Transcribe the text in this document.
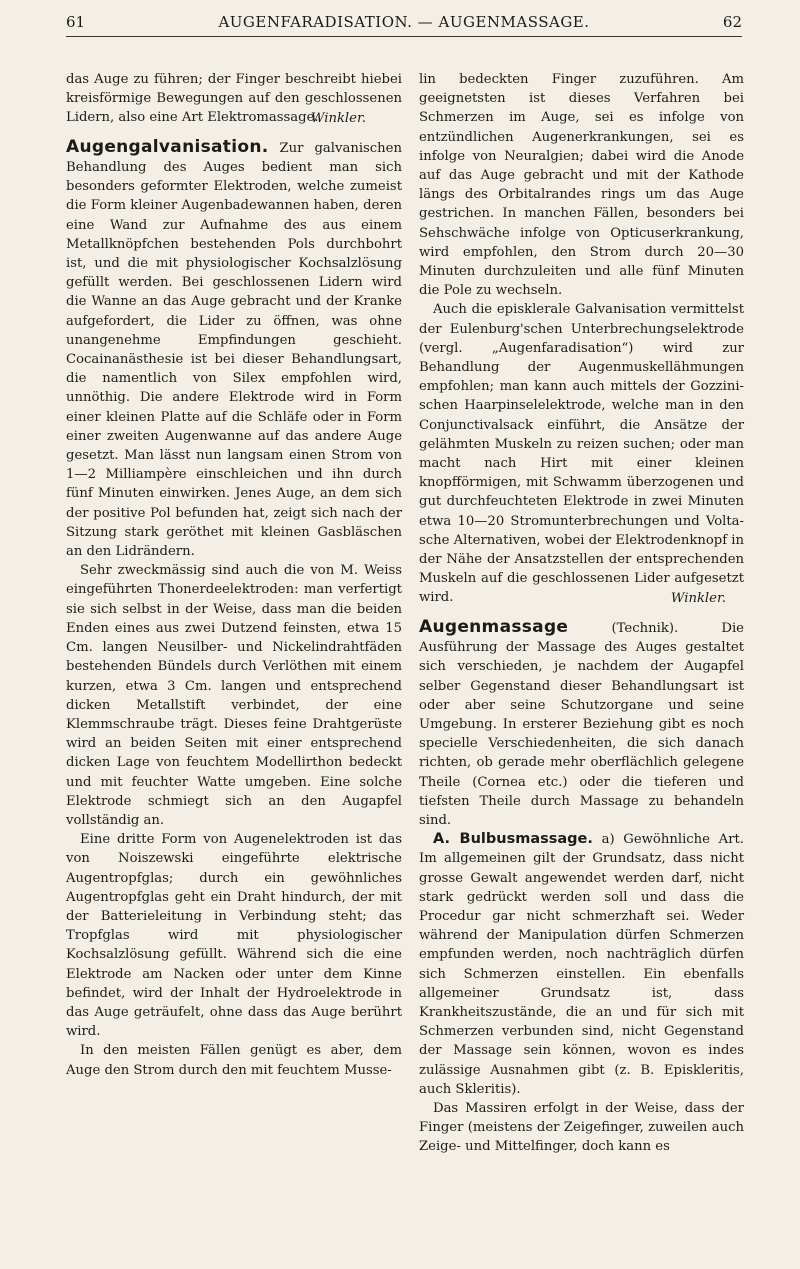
61	AUGENFARADISATION. — AUGENMASSAGE.	62

das Auge zu führen; der Finger beschreibt hiebei kreisförmige Bewegungen auf den geschlossenen Lidern, also eine Art Elektromassage.

Winkler.

Augengalvanisation. Zur galvanischen Behandlung des Auges bedient man sich besonders geformter Elektroden, welche zumeist die Form kleiner Augenbadewannen haben, deren eine Wand zur Aufnahme des aus einem Metallknöpfchen bestehenden Pols durchbohrt ist, und die mit physiologischer Kochsalzlösung gefüllt werden. Bei geschlossenen Lidern wird die Wanne an das Auge gebracht und der Kranke aufgefordert, die Lider zu öffnen, was ohne unangenehme Empfindungen geschieht. Cocainanästhesie ist bei dieser Behandlungsart, die namentlich von Silex empfohlen wird, unnöthig. Die andere Elektrode wird in Form einer kleinen Platte auf die Schläfe oder in Form einer zweiten Augenwanne auf das andere Auge gesetzt. Man lässt nun langsam einen Strom von 1—2 Milliampère einschleichen und ihn durch fünf Minuten einwirken. Jenes Auge, an dem sich der positive Pol befunden hat, zeigt sich nach der Sitzung stark geröthet mit kleinen Gasbläschen an den Lidrändern.

Sehr zweckmässig sind auch die von M. Weiss eingeführten Thonerdeelektroden: man verfertigt sie sich selbst in der Weise, dass man die beiden Enden eines aus zwei Dutzend feinsten, etwa 15 Cm. langen Neusilber- und Nickelindrahtfäden bestehenden Bündels durch Verlöthen mit einem kurzen, etwa 3 Cm. langen und entsprechend dicken Metallstift verbindet, der eine Klemmschraube trägt. Dieses feine Drahtgerüste wird an beiden Seiten mit einer entsprechend dicken Lage von feuchtem Modellirthon bedeckt und mit feuchter Watte umgeben. Eine solche Elektrode schmiegt sich an den Augapfel vollständig an.

Eine dritte Form von Augenelektroden ist das von Noiszewski eingeführte elektrische Augentropfglas; durch ein gewöhnliches Augentropfglas geht ein Draht hindurch, der mit der Batterieleitung in Verbindung steht; das Tropfglas wird mit physiologischer Kochsalzlösung gefüllt. Während sich die eine Elektrode am Nacken oder unter dem Kinne befindet, wird der Inhalt der Hydroelektrode in das Auge geträufelt, ohne dass das Auge berührt wird.

In den meisten Fällen genügt es aber, dem Auge den Strom durch den mit feuchtem Musse-

lin bedeckten Finger zuzuführen. Am geeignetsten ist dieses Verfahren bei Schmerzen im Auge, sei es infolge von entzündlichen Augenerkrankungen, sei es infolge von Neuralgien; dabei wird die Anode auf das Auge gebracht und mit der Kathode längs des Orbitalrandes rings um das Auge gestrichen. In manchen Fällen, besonders bei Sehschwäche infolge von Opticuserkrankung, wird empfohlen, den Strom durch 20—30 Minuten durchzuleiten und alle fünf Minuten die Pole zu wechseln.

Auch die episklerale Galvanisation vermittelst der Eulenburg'schen Unterbrechungselektrode (vergl. „Augenfaradisation“) wird zur Behandlung der Augenmuskellähmungen empfohlen; man kann auch mittels der Gozzini-schen Haarpinselelektrode, welche man in den Conjunctivalsack einführt, die Ansätze der gelähmten Muskeln zu reizen suchen; oder man macht nach Hirt mit einer kleinen knopfförmigen, mit Schwamm überzogenen und gut durchfeuchteten Elektrode in zwei Minuten etwa 10—20 Stromunterbrechungen und Volta-sche Alternativen, wobei der Elektrodenknopf in der Nähe der Ansatzstellen der entsprechenden Muskeln auf die geschlossenen Lider aufgesetzt wird.	Winkler.

Augenmassage	(Technik). Die Ausführung der Massage des Auges gestaltet sich verschieden, je nachdem der Augapfel selber Gegenstand dieser Behandlungsart ist oder aber seine Schutzorgane und seine Umgebung. In ersterer Beziehung gibt es noch specielle Verschiedenheiten, die sich danach richten, ob gerade mehr oberflächlich gelegene Theile (Cornea etc.) oder die tieferen und tiefsten Theile durch Massage zu behandeln sind.

A. Bulbusmassage. a) Gewöhnliche Art. Im allgemeinen gilt der Grundsatz, dass nicht grosse Gewalt angewendet werden darf, nicht stark gedrückt werden soll und dass die Procedur gar nicht schmerzhaft sei. Weder während der Manipulation dürfen Schmerzen empfunden werden, noch nachträglich dürfen sich Schmerzen einstellen. Ein ebenfalls allgemeiner Grundsatz ist, dass Krankheitszustände, die an und für sich mit Schmerzen verbunden sind, nicht Gegenstand der Massage sein können, wovon es indes zulässige Ausnahmen gibt (z. B. Episkleritis, auch Skleritis).

Das Massiren erfolgt in der Weise, dass der Finger (meistens der Zeigefinger, zuweilen auch Zeige- und Mittelfinger, doch kann es
